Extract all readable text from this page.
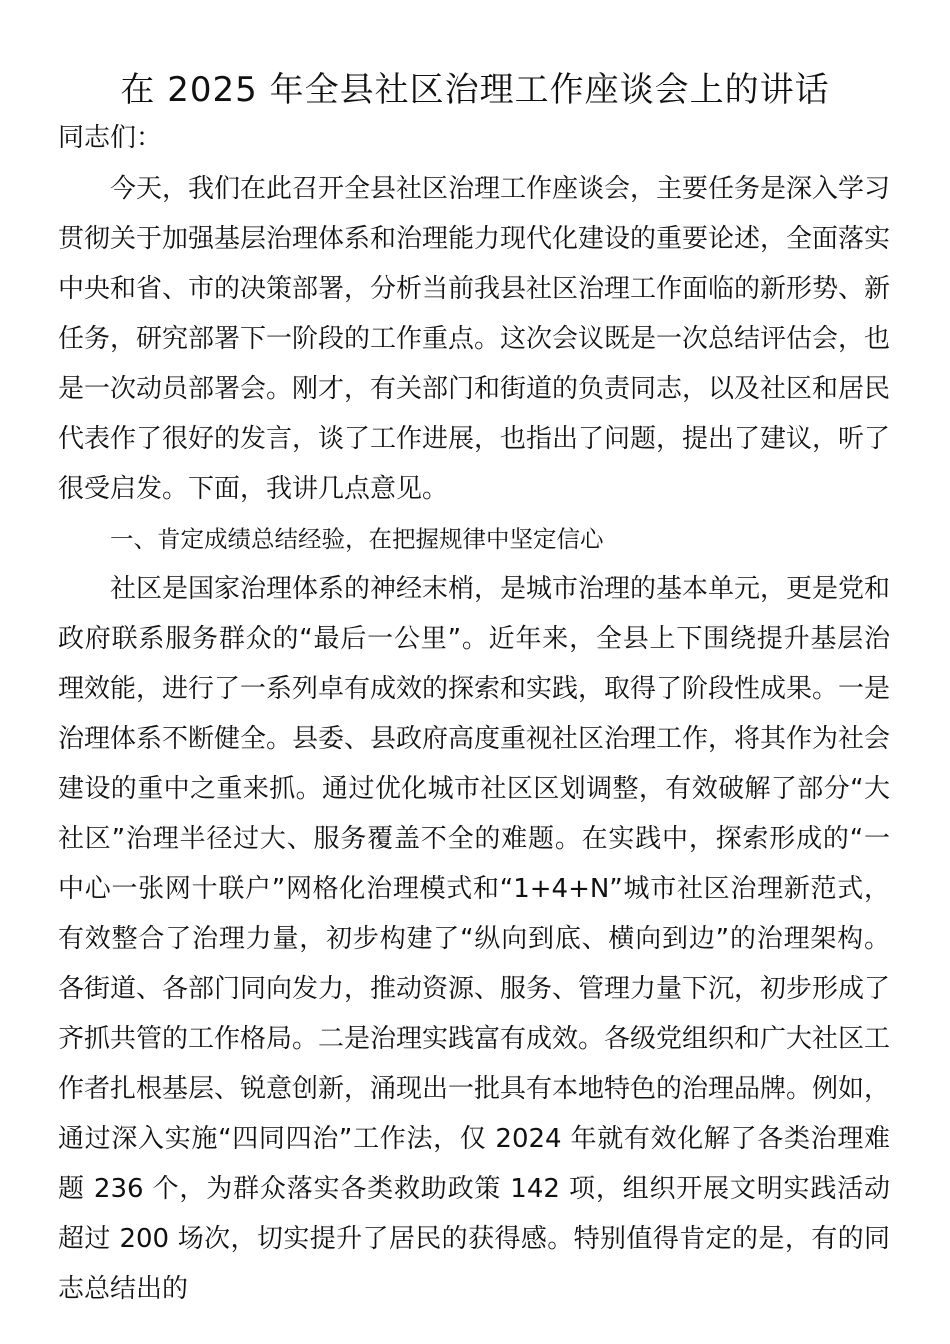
在 2025 年全县社区治理工作座谈会上的讲话

同志们：

今天，我们在此召开全县社区治理工作座谈会，主要任务是深入学习贯彻关于加强基层治理体系和治理能力现代化建设的重要论述，全面落实中央和省、市的决策部署，分析当前我县社区治理工作面临的新形势、新任务，研究部署下一阶段的工作重点。这次会议既是一次总结评估会，也是一次动员部署会。刚才，有关部门和街道的负责同志，以及社区和居民代表作了很好的发言，谈了工作进展，也指出了问题，提出了建议，听了很受启发。下面，我讲几点意见。

一、肯定成绩总结经验，在把握规律中坚定信心

社区是国家治理体系的神经末梢，是城市治理的基本单元，更是党和政府联系服务群众的“最后一公里”。近年来，全县上下围绕提升基层治理效能，进行了一系列卓有成效的探索和实践，取得了阶段性成果。一是治理体系不断健全。县委、县政府高度重视社区治理工作，将其作为社会建设的重中之重来抓。通过优化城市社区区划调整，有效破解了部分“大社区”治理半径过大、服务覆盖不全的难题。在实践中，探索形成的“一中心一张网十联户”网格化治理模式和“1+4+N”城市社区治理新范式，有效整合了治理力量，初步构建了“纵向到底、横向到边”的治理架构。各街道、各部门同向发力，推动资源、服务、管理力量下沉，初步形成了齐抓共管的工作格局。二是治理实践富有成效。各级党组织和广大社区工作者扎根基层、锐意创新，涌现出一批具有本地特色的治理品牌。例如，通过深入实施“四同四治”工作法，仅 2024 年就有效化解了各类治理难题 236 个，为群众落实各类救助政策 142 项，组织开展文明实践活动超过 200 场次，切实提升了居民的获得感。特别值得肯定的是，有的同志总结出的
